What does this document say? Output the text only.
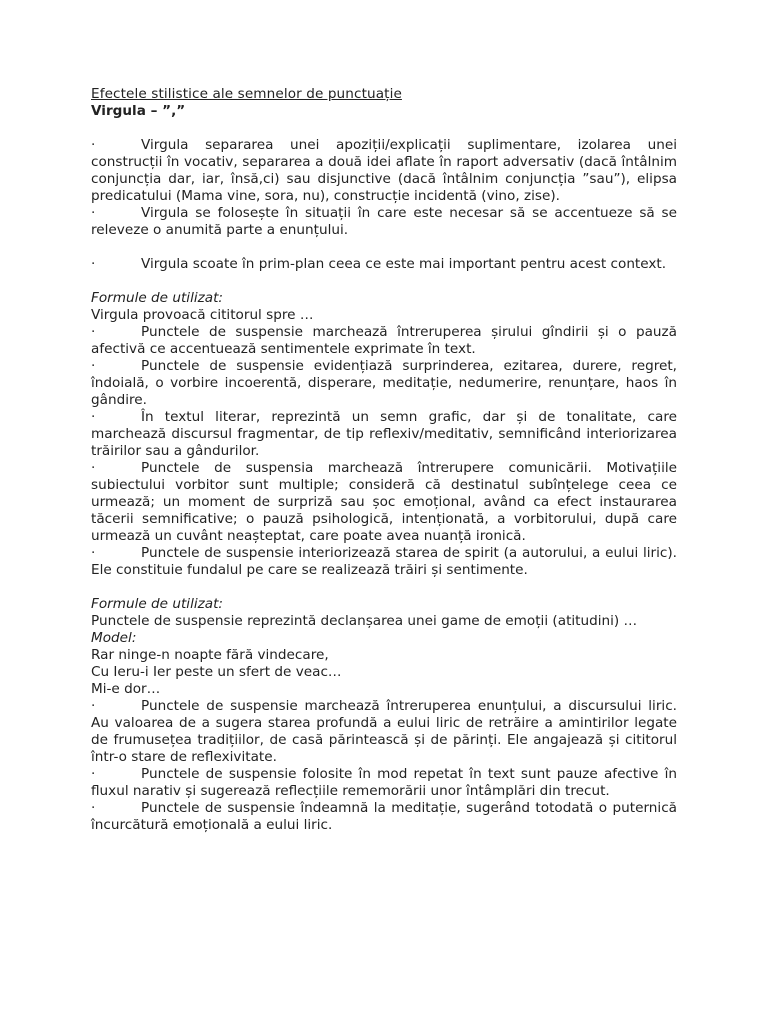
Efectele stilistice ale semnelor de punctuație
Virgula – ”,”
·	Virgula separarea unei apoziții/explicații suplimentare, izolarea unei construcții în vocativ, separarea a două idei aflate în raport adversativ (dacă întâlnim conjuncția dar, iar, însă,ci) sau disjunctive (dacă întâlnim conjuncția ”sau”), elipsa predicatului (Mama vine, sora, nu), construcție incidentă (vino, zise).
·	Virgula se folosește în situații în care este necesar să se accentueze să se releveze o anumită parte a enunțului.
·	Virgula scoate în prim-plan ceea ce este mai important pentru acest context.
Formule de utilizat:
Virgula provoacă cititorul spre …
·	Punctele de suspensie marchează întreruperea șirului gîndirii și o pauză afectivă ce accentuează sentimentele exprimate în text.
·	Punctele de suspensie evidențiază surprinderea, ezitarea, durere, regret, îndoială, o vorbire incoerentă, disperare, meditație, nedumerire, renunțare, haos în gândire.
·	În textul literar, reprezintă un semn grafic, dar și de tonalitate, care marchează discursul fragmentar, de tip reflexiv/meditativ, semnificând interiorizarea trăirilor sau a gândurilor.
·	Punctele de suspensia marchează întrerupere comunicării. Motivațiile subiectului vorbitor sunt multiple; consideră că destinatul subînțelege ceea ce urmează; un moment de surpriză sau șoc emoțional, având ca efect instaurarea tăcerii semnificative; o pauză psihologică, intenționată, a vorbitorului, după care urmează un cuvânt neașteptat, care poate avea nuanță ironică.
·	Punctele de suspensie interiorizează starea de spirit (a autorului, a eului liric). Ele constituie fundalul pe care se realizează trăiri și sentimente.
Formule de utilizat:
Punctele de suspensie reprezintă declanșarea unei game de emoții (atitudini) …
Model:
Rar ninge-n noapte fără vindecare,
Cu Ieru-i Ier peste un sfert de veac…
Mi-e dor…
·	Punctele de suspensie marchează întreruperea enunțului, a discursului liric. Au valoarea de a sugera starea profundă a eului liric de retrăire a amintirilor legate de frumusețea tradițiilor, de casă părintească și de părinți. Ele angajează și cititorul într-o stare de reflexivitate.
·	Punctele de suspensie folosite în mod repetat în text sunt pauze afective în fluxul narativ și sugerează reflecțiile rememorării unor întâmplări din trecut.
·	Punctele de suspensie îndeamnă la meditație, sugerând totodată o puternică încurcătură emoțională a eului liric.
